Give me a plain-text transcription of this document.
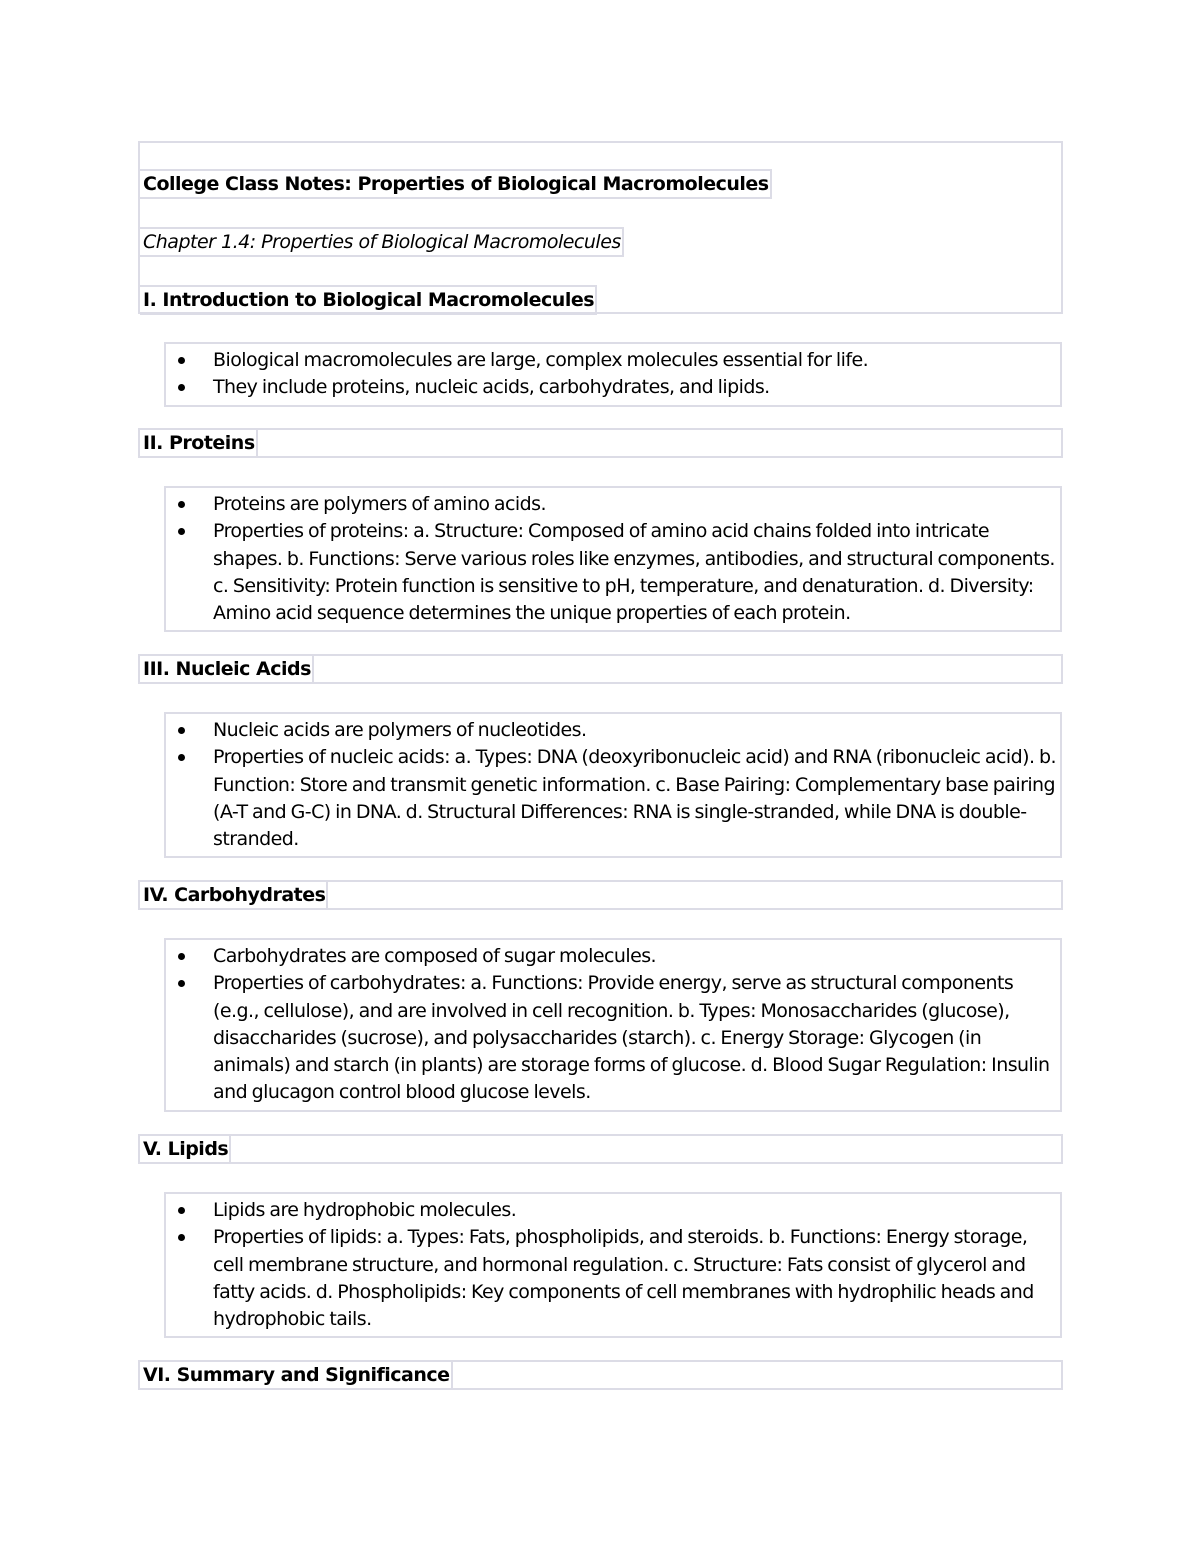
College Class Notes: Properties of Biological Macromolecules
Chapter 1.4: Properties of Biological Macromolecules
I. Introduction to Biological Macromolecules
Biological macromolecules are large, complex molecules essential for life.
They include proteins, nucleic acids, carbohydrates, and lipids.
II. Proteins
Proteins are polymers of amino acids.
Properties of proteins: a. Structure: Composed of amino acid chains folded into intricate shapes. b. Functions: Serve various roles like enzymes, antibodies, and structural components. c. Sensitivity: Protein function is sensitive to pH, temperature, and denaturation. d. Diversity: Amino acid sequence determines the unique properties of each protein.
III. Nucleic Acids
Nucleic acids are polymers of nucleotides.
Properties of nucleic acids: a. Types: DNA (deoxyribonucleic acid) and RNA (ribonucleic acid). b. Function: Store and transmit genetic information. c. Base Pairing: Complementary base pairing (A-T and G-C) in DNA. d. Structural Differences: RNA is single-stranded, while DNA is double-stranded.
IV. Carbohydrates
Carbohydrates are composed of sugar molecules.
Properties of carbohydrates: a. Functions: Provide energy, serve as structural components (e.g., cellulose), and are involved in cell recognition. b. Types: Monosaccharides (glucose), disaccharides (sucrose), and polysaccharides (starch). c. Energy Storage: Glycogen (in animals) and starch (in plants) are storage forms of glucose. d. Blood Sugar Regulation: Insulin and glucagon control blood glucose levels.
V. Lipids
Lipids are hydrophobic molecules.
Properties of lipids: a. Types: Fats, phospholipids, and steroids. b. Functions: Energy storage, cell membrane structure, and hormonal regulation. c. Structure: Fats consist of glycerol and fatty acids. d. Phospholipids: Key components of cell membranes with hydrophilic heads and hydrophobic tails.
VI. Summary and Significance
